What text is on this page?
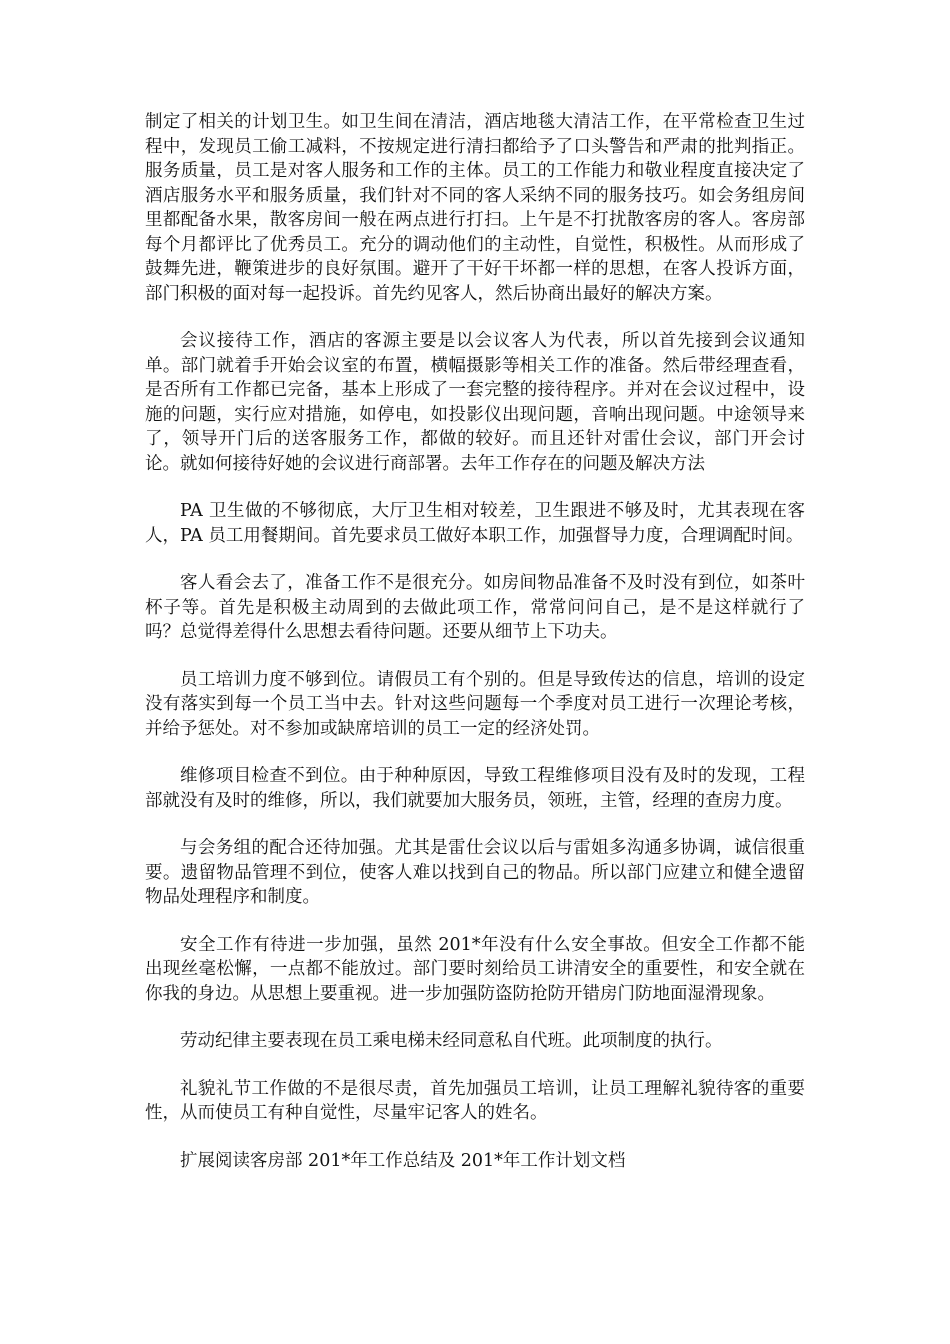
制定了相关的计划卫生。如卫生间在清洁，酒店地毯大清洁工作，在平常检查卫生过程中，发现员工偷工减料，不按规定进行清扫都给予了口头警告和严肃的批判指正。服务质量，员工是对客人服务和工作的主体。员工的工作能力和敬业程度直接决定了酒店服务水平和服务质量，我们针对不同的客人采纳不同的服务技巧。如会务组房间里都配备水果，散客房间一般在两点进行打扫。上午是不打扰散客房的客人。客房部每个月都评比了优秀员工。充分的调动他们的主动性，自觉性，积极性。从而形成了鼓舞先进，鞭策进步的良好氛围。避开了干好干坏都一样的思想，在客人投诉方面，部门积极的面对每一起投诉。首先约见客人，然后协商出最好的解决方案。

会议接待工作，酒店的客源主要是以会议客人为代表，所以首先接到会议通知单。部门就着手开始会议室的布置，横幅摄影等相关工作的准备。然后带经理查看，是否所有工作都已完备，基本上形成了一套完整的接待程序。并对在会议过程中，设施的问题，实行应对措施，如停电，如投影仪出现问题，音响出现问题。中途领导来了，领导开门后的送客服务工作，都做的较好。而且还针对雷仕会议，部门开会讨论。就如何接待好她的会议进行商部署。去年工作存在的问题及解决方法

PA 卫生做的不够彻底，大厅卫生相对较差，卫生跟进不够及时，尤其表现在客人，PA 员工用餐期间。首先要求员工做好本职工作，加强督导力度，合理调配时间。

客人看会去了，准备工作不是很充分。如房间物品准备不及时没有到位，如茶叶杯子等。首先是积极主动周到的去做此项工作，常常问问自己，是不是这样就行了吗？总觉得差得什么思想去看待问题。还要从细节上下功夫。

员工培训力度不够到位。请假员工有个别的。但是导致传达的信息，培训的设定没有落实到每一个员工当中去。针对这些问题每一个季度对员工进行一次理论考核，并给予惩处。对不参加或缺席培训的员工一定的经济处罚。

维修项目检查不到位。由于种种原因，导致工程维修项目没有及时的发现，工程部就没有及时的维修，所以，我们就要加大服务员，领班，主管，经理的查房力度。

与会务组的配合还待加强。尤其是雷仕会议以后与雷姐多沟通多协调，诚信很重要。遗留物品管理不到位，使客人难以找到自己的物品。所以部门应建立和健全遗留物品处理程序和制度。

安全工作有待进一步加强，虽然 201*年没有什么安全事故。但安全工作都不能出现丝毫松懈，一点都不能放过。部门要时刻给员工讲清安全的重要性，和安全就在你我的身边。从思想上要重视。进一步加强防盗防抢防开错房门防地面湿滑现象。

劳动纪律主要表现在员工乘电梯未经同意私自代班。此项制度的执行。

礼貌礼节工作做的不是很尽责，首先加强员工培训，让员工理解礼貌待客的重要性，从而使员工有种自觉性，尽量牢记客人的姓名。

扩展阅读客房部 201*年工作总结及 201*年工作计划文档
